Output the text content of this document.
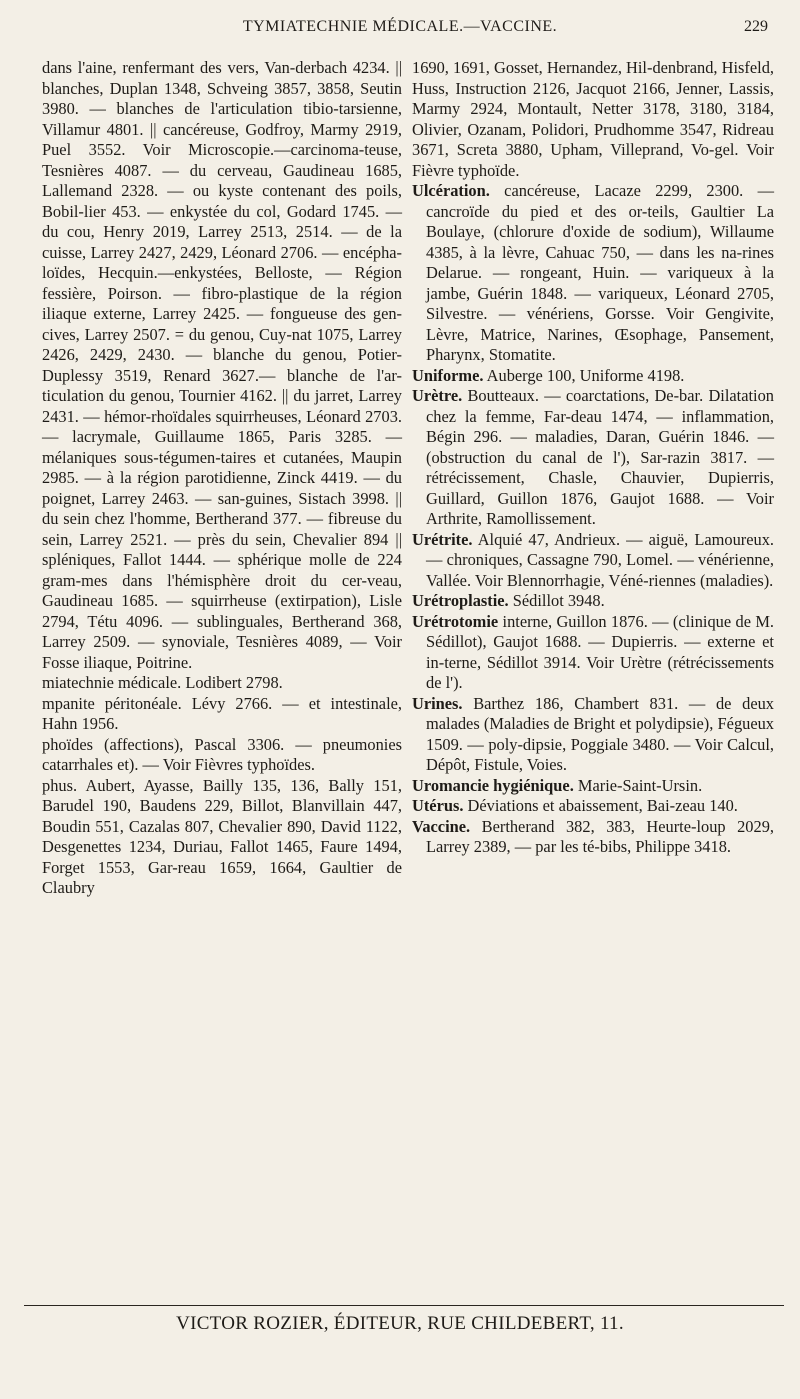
TYMIATECHNIE MÉDICALE.—VACCINE.	229

dans l'aine, renfermant des vers, Van-derbach 4234. || blanches, Duplan 1348, Schveing 3857, 3858, Seutin 3980. — blanches de l'articulation tibio-tarsienne, Villamur 4801. || cancéreuse, Godfroy, Marmy 2919, Puel 3552. Voir Microscopie.—carcinoma-teuse, Tesnières 4087. — du cerveau, Gaudineau 1685, Lallemand 2328. — ou kyste contenant des poils, Bobil-lier 453. — enkystée du col, Godard 1745. — du cou, Henry 2019, Larrey 2513, 2514. — de la cuisse, Larrey 2427, 2429, Léonard 2706. — encépha-loïdes, Hecquin.—enkystées, Belloste, — Région fessière, Poirson. — fibro-plastique de la région iliaque externe, Larrey 2425. — fongueuse des gen-cives, Larrey 2507. = du genou, Cuy-nat 1075, Larrey 2426, 2429, 2430. — blanche du genou, Potier-Duplessy 3519, Renard 3627.— blanche de l'ar-ticulation du genou, Tournier 4162. || du jarret, Larrey 2431. — hémor-rhoïdales squirrheuses, Léonard 2703. — lacrymale, Guillaume 1865, Paris 3285. — mélaniques sous-tégumen-taires et cutanées, Maupin 2985. — à la région parotidienne, Zinck 4419. — du poignet, Larrey 2463. — san-guines, Sistach 3998. || du sein chez l'homme, Bertherand 377. — fibreuse du sein, Larrey 2521. — près du sein, Chevalier 894 || spléniques, Fallot 1444. — sphérique molle de 224 gram-mes dans l'hémisphère droit du cer-veau, Gaudineau 1685. — squirrheuse (extirpation), Lisle 2794, Tétu 4096. — sublinguales, Bertherand 368, Larrey 2509. — synoviale, Tesnières 4089, — Voir Fosse iliaque, Poitrine.

miatechnie médicale. Lodibert 2798.

mpanite péritonéale. Lévy 2766. — et intestinale, Hahn 1956.

phoïdes (affections), Pascal 3306. — pneumonies catarrhales et). — Voir Fièvres typhoïdes.

phus. Aubert, Ayasse, Bailly 135, 136, Bally 151, Barudel 190, Baudens 229, Billot, Blanvillain 447, Boudin 551, Cazalas 807, Chevalier 890, David 1122, Desgenettes 1234, Duriau, Fallot 1465, Faure 1494, Forget 1553, Gar-reau 1659, 1664, Gaultier de Claubry

1690, 1691, Gosset, Hernandez, Hil-denbrand, Hisfeld, Huss, Instruction 2126, Jacquot 2166, Jenner, Lassis, Marmy 2924, Montault, Netter 3178, 3180, 3184, Olivier, Ozanam, Polidori, Prudhomme 3547, Ridreau 3671, Screta 3880, Upham, Villeprand, Vo-gel. Voir Fièvre typhoïde.

Ulcération. cancéreuse, Lacaze 2299, 2300. — cancroïde du pied et des or-teils, Gaultier La Boulaye, (chlorure d'oxide de sodium), Willaume 4385, à la lèvre, Cahuac 750, — dans les na-rines Delarue. — rongeant, Huin. — variqueux à la jambe, Guérin 1848. — variqueux, Léonard 2705, Silvestre. — vénériens, Gorsse. Voir Gengivite, Lèvre, Matrice, Narines, Œsophage, Pansement, Pharynx, Stomatite.

Uniforme. Auberge 100, Uniforme 4198.

Urètre. Boutteaux. — coarctations, De-bar. Dilatation chez la femme, Far-deau 1474, — inflammation, Bégin 296. — maladies, Daran, Guérin 1846. — (obstruction du canal de l'), Sar-razin 3817. — rétrécissement, Chasle, Chauvier, Dupierris, Guillard, Guillon 1876, Gaujot 1688. — Voir Arthrite, Ramollissement.

Urétrite. Alquié 47, Andrieux. — aiguë, Lamoureux. — chroniques, Cassagne 790, Lomel. — vénérienne, Vallée. Voir Blennorrhagie, Véné-riennes (maladies).

Urétroplastie. Sédillot 3948.

Urétrotomie interne, Guillon 1876. — (clinique de M. Sédillot), Gaujot 1688. — Dupierris. — externe et in-terne, Sédillot 3914. Voir Urètre (rétrécissements de l').

Urines. Barthez 186, Chambert 831. — de deux malades (Maladies de Bright et polydipsie), Fégueux 1509. — poly-dipsie, Poggiale 3480. — Voir Calcul, Dépôt, Fistule, Voies.

Uromancie hygiénique. Marie-Saint-Ursin.

Utérus. Déviations et abaissement, Bai-zeau 140.

Vaccine. Bertherand 382, 383, Heurte-loup 2029, Larrey 2389, — par les té-bibs, Philippe 3418.

VICTOR ROZIER, ÉDITEUR, RUE CHILDEBERT, 11.
